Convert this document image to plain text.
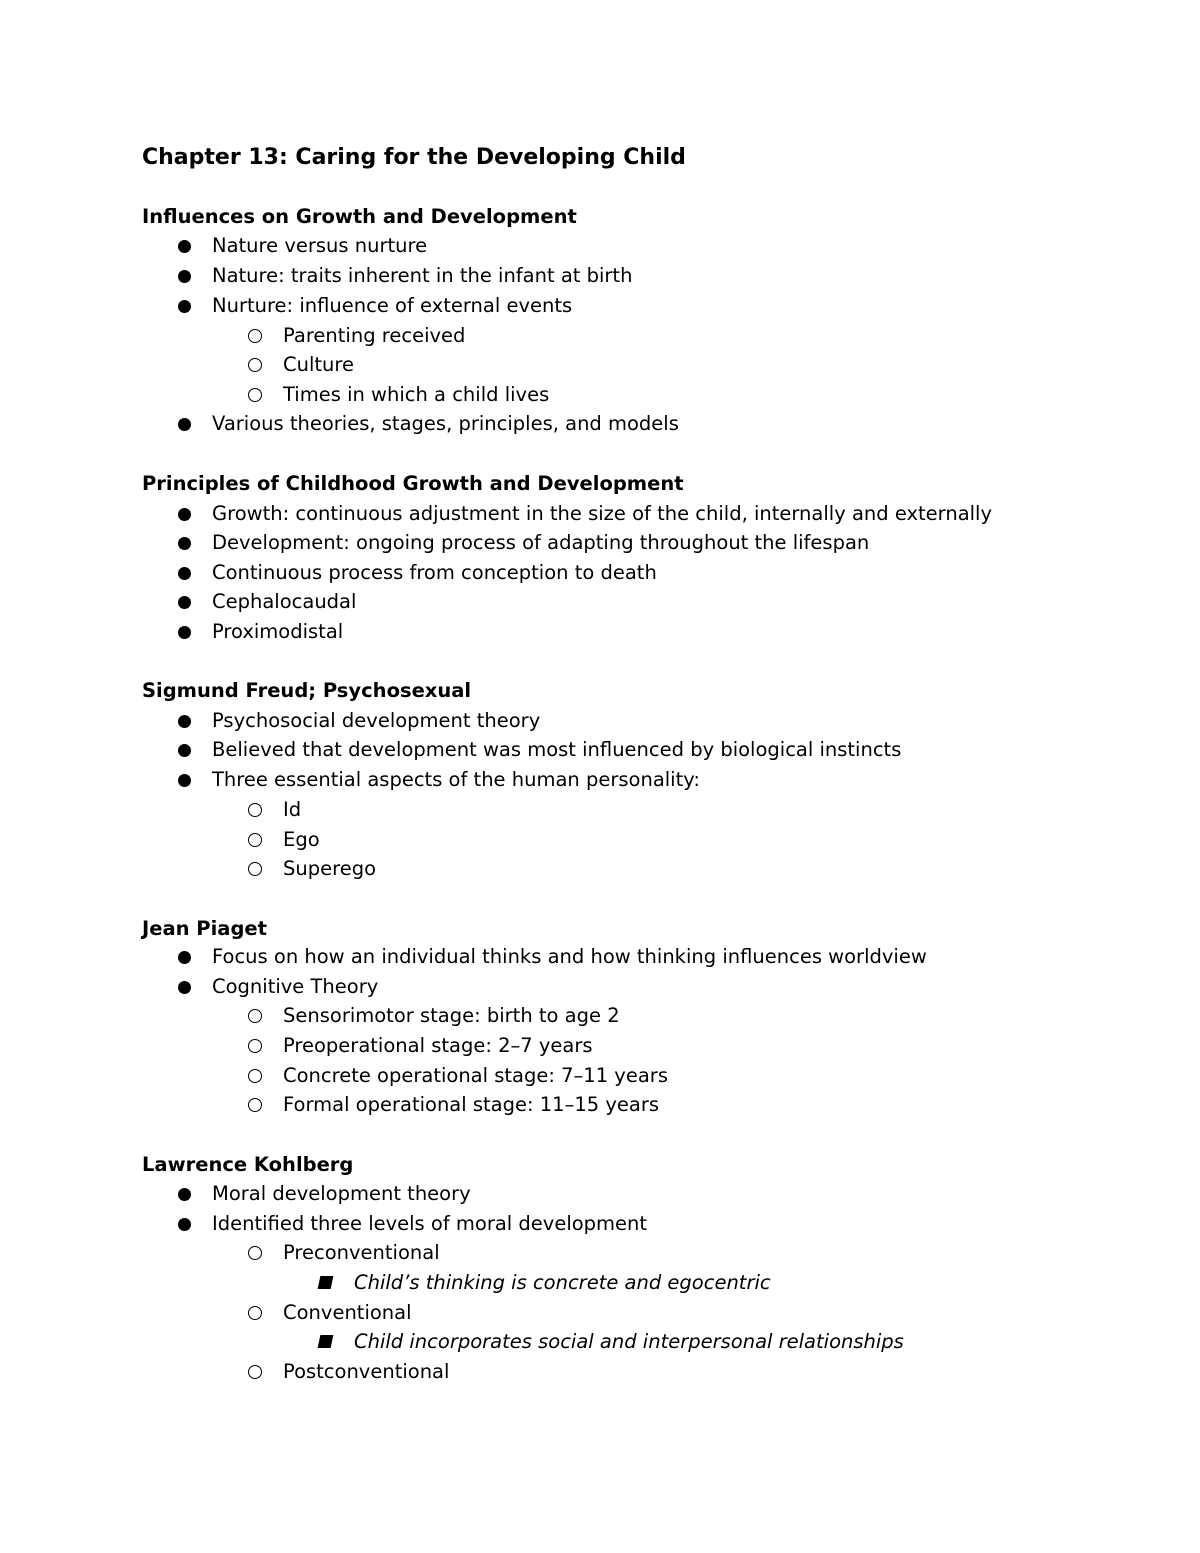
Chapter 13: Caring for the Developing Child
Influences on Growth and Development
Nature versus nurture
Nature: traits inherent in the infant at birth
Nurture: influence of external events
Parenting received
Culture
Times in which a child lives
Various theories, stages, principles, and models
Principles of Childhood Growth and Development
Growth: continuous adjustment in the size of the child, internally and externally
Development: ongoing process of adapting throughout the lifespan
Continuous process from conception to death
Cephalocaudal
Proximodistal
Sigmund Freud; Psychosexual
Psychosocial development theory
Believed that development was most influenced by biological instincts
Three essential aspects of the human personality:
Id
Ego
Superego
Jean Piaget
Focus on how an individual thinks and how thinking influences worldview
Cognitive Theory
Sensorimotor stage: birth to age 2
Preoperational stage: 2–7 years
Concrete operational stage: 7–11 years
Formal operational stage: 11–15 years
Lawrence Kohlberg
Moral development theory
Identified three levels of moral development
Preconventional
Child’s thinking is concrete and egocentric
Conventional
Child incorporates social and interpersonal relationships
Postconventional
